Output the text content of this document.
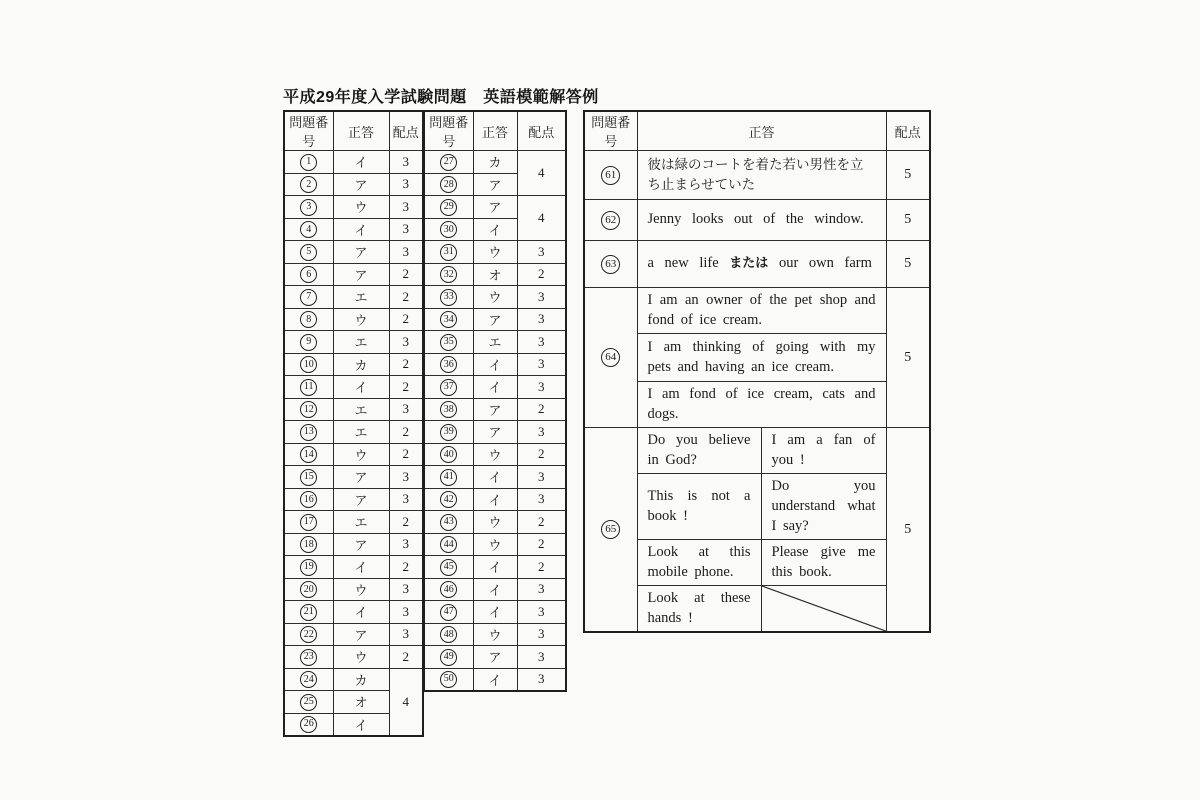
平成29年度入学試験問題　英語模範解答例
問題番号	正答	配点
1	イ	3
2	ア	3
3	ウ	3
4	イ	3
5	ア	3
6	ア	2
7	エ	2
8	ウ	2
9	エ	3
10	カ	2
11	イ	2
12	エ	3
13	エ	2
14	ウ	2
15	ア	3
16	ア	3
17	エ	2
18	ア	3
19	イ	2
20	ウ	3
21	イ	3
22	ア	3
23	ウ	2
24	カ	4
25	オ	
26	イ	
問題番号	正答	配点
27	カ	4
28	ア	
29	ア	4
30	イ	
31	ウ	3
32	オ	2
33	ウ	3
34	ア	3
35	エ	3
36	イ	3
37	イ	3
38	ア	2
39	ア	3
40	ウ	2
41	イ	3
42	イ	3
43	ウ	2
44	ウ	2
45	イ	2
46	イ	3
47	イ	3
48	ウ	3
49	ア	3
50	イ	3
問題番号	正答		配点
61	彼は緑のコートを着た若い男性を立ち止まらせていた		5
62	Jenny looks out of the window.		5
63	a new life または our own farm		5
64	I am an owner of the pet shop and fond of ice cream.		5
	I am thinking of going with my pets and having an ice cream.		
	I am fond of ice cream, cats and dogs.		
65	Do you believe in God?	I am a fan of you !	5
	This is not a book !	Do you understand what I say?	
	Look at this mobile phone.	Please give me this book.	
	Look at these hands !	
